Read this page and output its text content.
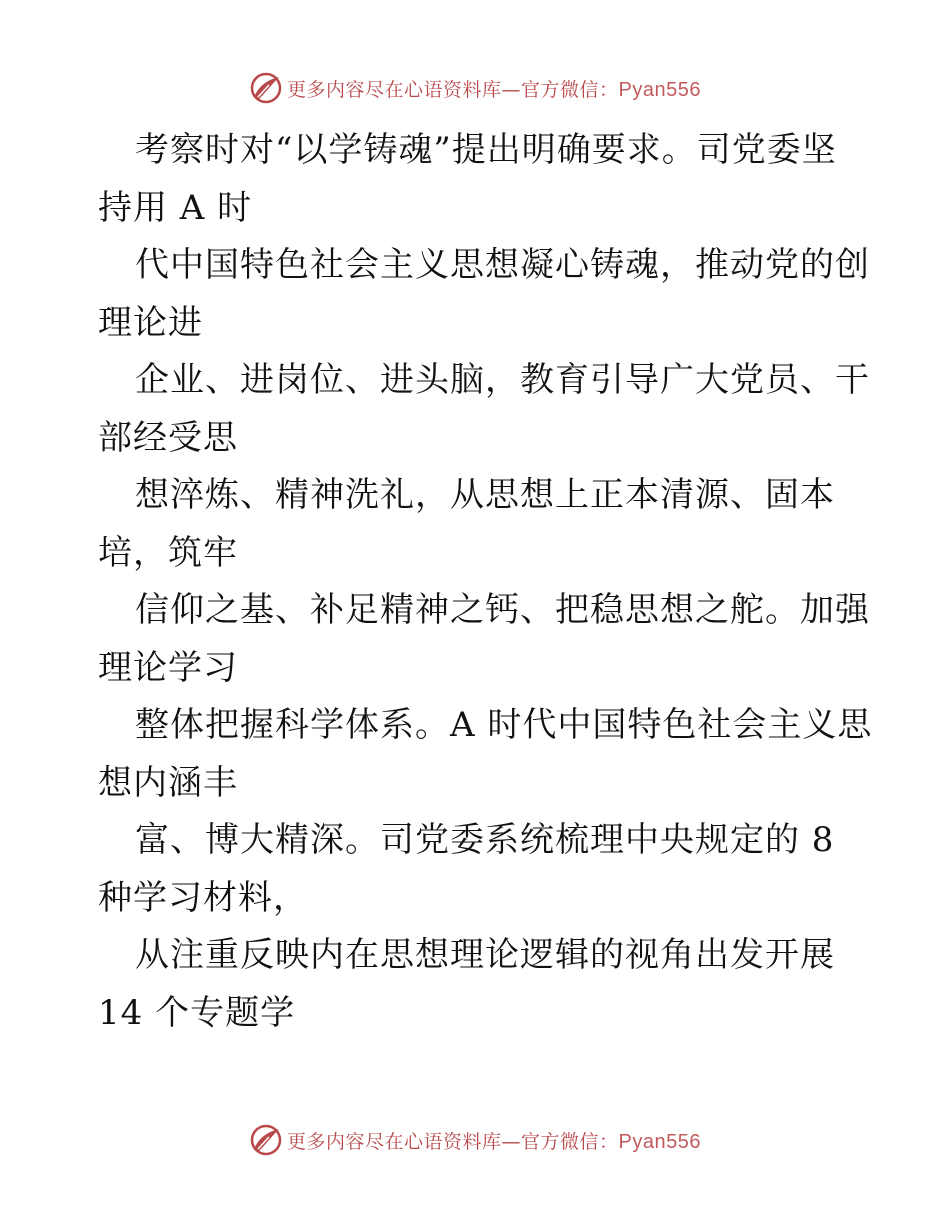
更多内容尽在心语资料库—官方微信：Pyan556
考察时对“以学铸魂”提出明确要求。司党委坚
持用 A 时
代中国特色社会主义思想凝心铸魂，推动党的创
理论进
企业、进岗位、进头脑，教育引导广大党员、干
部经受思
想淬炼、精神洗礼，从思想上正本清源、固本
培，筑牢
信仰之基、补足精神之钙、把稳思想之舵。加强
理论学习
整体把握科学体系。A 时代中国特色社会主义思
想内涵丰
富、博大精深。司党委系统梳理中央规定的 8
种学习材料，
从注重反映内在思想理论逻辑的视角出发开展
14 个专题学
更多内容尽在心语资料库—官方微信：Pyan556
